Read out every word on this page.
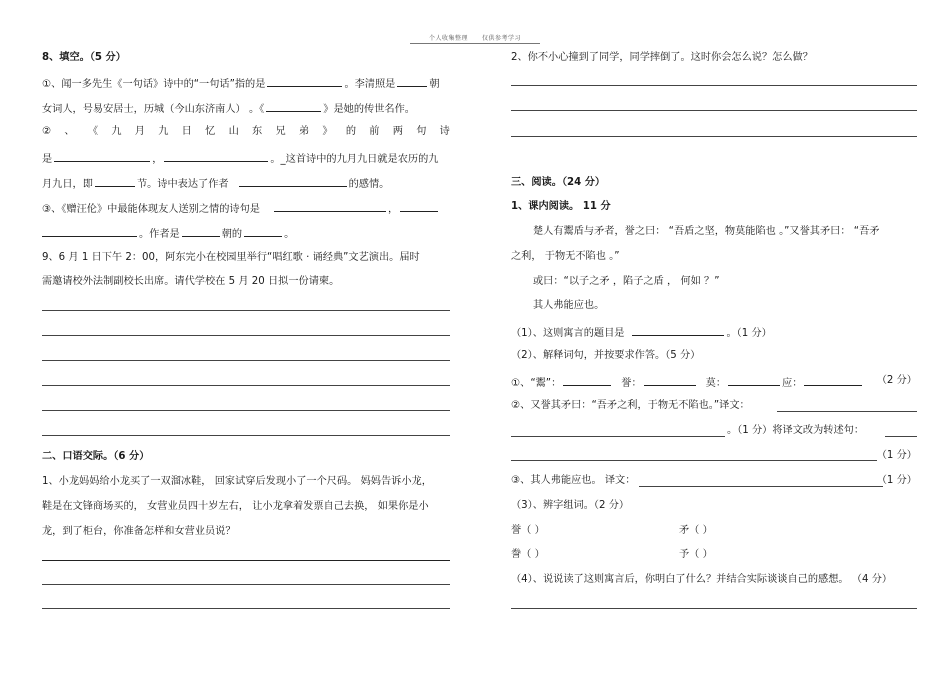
个人收集整理 仅供参考学习
8、填空。（5 分）
①、闻一多先生《一句话》诗中的“一句话”指的是	。李清照是	朝
女词人，号易安居士，历城（今山东济南人） 。《	》是她的传世名作。
② 、 《 九 月 九 日 忆 山 东 兄 弟 》 的 前 两 句 诗
是	，	。_这首诗中的九月九日就是农历的九
月九日，即	节。诗中表达了作者	的感情。
③、《赠汪伦》中最能体现友人送别之情的诗句是	，
。作者是	朝的	。
9、6 月 1 日下午 2：00，阿东完小在校园里举行“唱红歌 · 诵经典”文艺演出。届时
需邀请校外法制副校长出席。请代学校在 5 月 20 日拟一份请柬。
二、口语交际。（6 分）
1、小龙妈妈给小龙买了一双溜冰鞋， 回家试穿后发现小了一个尺码。 妈妈告诉小龙，
鞋是在文锋商场买的， 女营业员四十岁左右， 让小龙拿着发票自己去换， 如果你是小
龙，到了柜台，你准备怎样和女营业员说？
2、你不小心撞到了同学，同学摔倒了。这时你会怎么说？怎么做？
三、阅读。（24 分）
1、课内阅读。 11 分
楚人有鬻盾与矛者，誉之曰： “吾盾之坚，物莫能陷也 。”又誉其矛曰： “吾矛
之利， 于物无不陷也 。”
或曰：“以子之矛 ，陷子之盾 ， 何如 ？”
其人弗能应也。
（1）、这则寓言的题目是	。（1 分）
（2）、解释词句，并按要求作答。（5 分）
①、“鬻”：	誉：	莫：	应：	（2 分）
②、又誉其矛曰：“吾矛之利，于物无不陷也。”译文：
。（1 分）将译文改为转述句：
（1 分）
③、其人弗能应也。 译文：	（1 分）
（3）、辨字组词。（2 分）
誉（ ）	矛（ ）
誊（ ）	予（ ）
（4）、说说读了这则寓言后，你明白了什么？并结合实际谈谈自己的感想。 （4 分）
